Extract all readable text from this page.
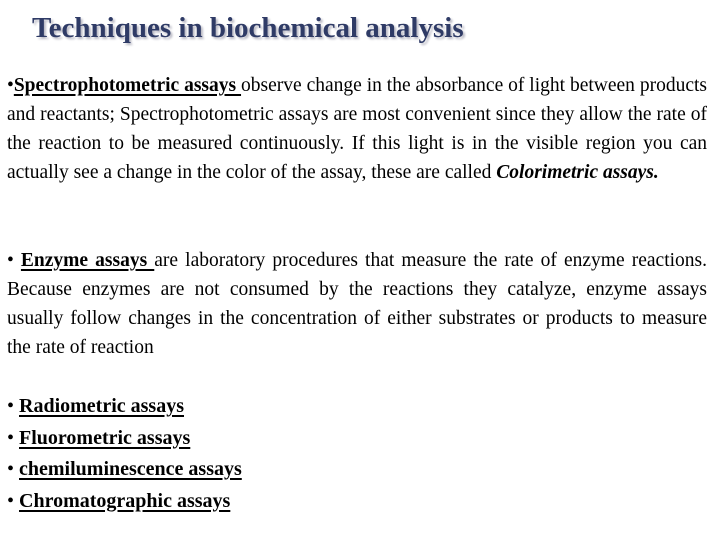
Techniques in biochemical analysis

•Spectrophotometric assays observe change in the absorbance of light between products and reactants; Spectrophotometric assays are most convenient since they allow the rate of the reaction to be measured continuously. If this light is in the visible region you can actually see a change in the color of the assay, these are called Colorimetric assays.

• Enzyme assays are laboratory procedures that measure the rate of enzyme reactions. Because enzymes are not consumed by the reactions they catalyze, enzyme assays usually follow changes in the concentration of either substrates or products to measure the rate of reaction

• Radiometric assays
• Fluorometric assays
• chemiluminescence assays
• Chromatographic assays
